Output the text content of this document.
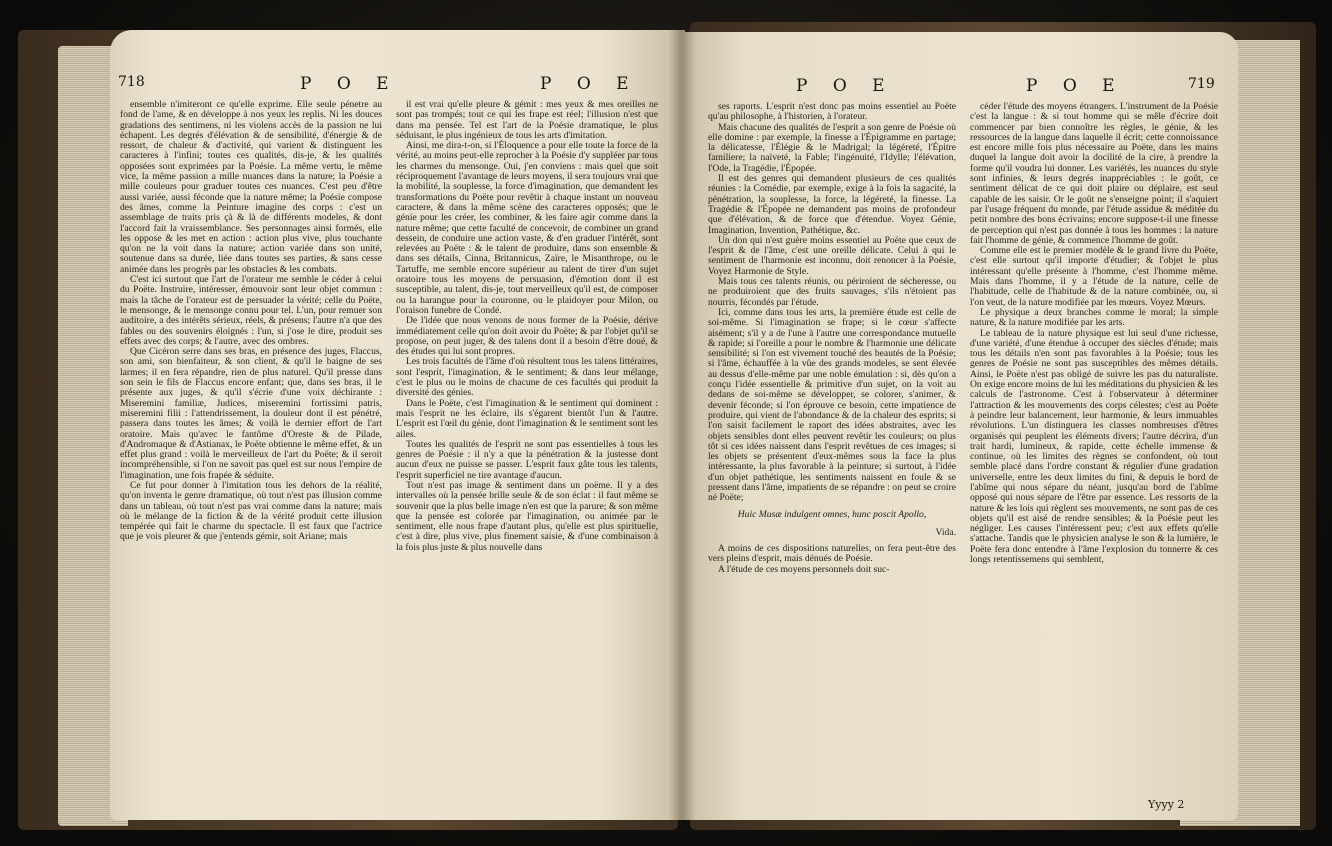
718	P O E	P O E

ensemble n'imiteront ce qu'elle exprime. Elle seule pénetre au fond de l'ame, & en développe à nos yeux les replis. Ni les douces gradations des sentimens, ni les violens accès de la passion ne lui échapent. Les degrés d'élévation & de sensibilité, d'énergie & de ressort, de chaleur & d'activité, qui varient & distinguent les caracteres à l'infini; toutes ces qualités, dis-je, & les qualités opposées sont exprimées par la Poésie. La même vertu, le même vice, la même passion a mille nuances dans la nature; la Poésie a mille couleurs pour graduer toutes ces nuances. C'est peu d'être aussi variée, aussi féconde que la nature même; la Poésie compose des âmes, comme la Peinture imagine des corps : c'est un assemblage de traits pris çà & là de différents modeles, & dont l'accord fait la vraissemblance. Ses personnages ainsi formés, elle les oppose & les met en action : action plus vive, plus touchante qu'on ne la voit dans la nature; action variée dans son unité, soutenue dans sa durée, liée dans toutes ses parties, & sans cesse animée dans les progrès par les obstacles & les combats.

C'est ici surtout que l'art de l'orateur me semble le céder à celui du Poëte. Instruire, intéresser, émouvoir sont leur objet commun : mais la tâche de l'orateur est de persuader la vérité; celle du Poëte, le mensonge, & le mensonge connu pour tel. L'un, pour remuer son auditoire, a des intérêts sérieux, réels, & présens; l'autre n'a que des fables ou des souvenirs éloignés : l'un, si j'ose le dire, produit ses effets avec des corps; & l'autre, avec des ombres.

Que Cicéron serre dans ses bras, en présence des juges, Flaccus, son ami, son bienfaiteur, & son client, & qu'il le baigne de ses larmes; il en fera répandre, rien de plus naturel. Qu'il presse dans son sein le fils de Flaccus encore enfant; que, dans ses bras, il le présente aux juges, & qu'il s'écrie d'une voix déchirante : Miseremini familiæ, Judices, miseremini fortissimi patris, miseremini filii : l'attendrissement, la douleur dont il est pénétré, passera dans toutes les âmes; & voilà le dernier effort de l'art oratoire. Mais qu'avec le fantôme d'Oreste & de Pilade, d'Andromaque & d'Astianax, le Poëte obtienne le même effet, & un effet plus grand : voilà le merveilleux de l'art du Poëte; & il seroit incompréhensible, si l'on ne savoit pas quel est sur nous l'empire de l'imagination, une fois frapée & séduite.

Ce fut pour donner à l'imitation tous les dehors de la réalité, qu'on inventa le genre dramatique, où tout n'est pas illusion comme dans un tableau, où tout n'est pas vrai comme dans la nature; mais où le mélange de la fiction & de la vérité produit cette illusion tempérée qui fait le charme du spectacle. Il est faux que l'actrice que je vois pleurer & que j'entends gémir, soit Ariane; mais

il est vrai qu'elle pleure & gémit : mes yeux & mes oreilles ne sont pas trompés; tout ce qui les frape est réel; l'illusion n'est que dans ma pensée. Tel est l'art de la Poésie dramatique, le plus séduisant, le plus ingénieux de tous les arts d'imitation.

Ainsi, me dira-t-on, si l'Éloquence a pour elle toute la force de la vérité, au moins peut-elle reprocher à la Poésie d'y suppléer par tous les charmes du mensonge. Oui, j'en conviens : mais quel que soit réciproquement l'avantage de leurs moyens, il sera toujours vrai que la mobilité, la souplesse, la force d'imagination, que demandent les transformations du Poëte pour revêtir à chaque instant un nouveau caractere, & dans la même scène des caracteres opposés; que le génie pour les créer, les combiner, & les faire agir comme dans la nature même; que cette faculté de concevoir, de combiner un grand dessein, de conduire une action vaste, & d'en graduer l'intérêt, sont relevées au Poëte : & le talent de produire, dans son ensemble & dans ses détails, Cinna, Britannicus, Zaïre, le Misanthrope, ou le Tartuffe, me semble encore supérieur au talent de tirer d'un sujet oratoire tous les moyens de persuasion, d'émotion dont il est susceptible, au talent, dis-je, tout merveilleux qu'il est, de composer ou la harangue pour la couronne, ou le plaidoyer pour Milon, ou l'oraison funebre de Condé.

De l'idée que nous venons de nous former de la Poésie, dérive immédiatement celle qu'on doit avoir du Poëte; & par l'objet qu'il se propose, on peut juger, & des talens dont il a besoin d'être doué, & des études qui lui sont propres.

Les trois facultés de l'âme d'où résultent tous les talens littéraires, sont l'esprit, l'imagination, & le sentiment; & dans leur mélange, c'est le plus ou le moins de chacune de ces facultés qui produit la diversité des génies.

Dans le Poëte, c'est l'imagination & le sentiment qui dominent : mais l'esprit ne les éclaire, ils s'égarent bientôt l'un & l'autre. L'esprit est l'œil du génie, dont l'imagination & le sentiment sont les ailes.

Toutes les qualités de l'esprit ne sont pas essentielles à tous les genres de Poésie : il n'y a que la pénétration & la justesse dont aucun d'eux ne puisse se passer. L'esprit faux gâte tous les talents, l'esprit superficiel ne tire avantage d'aucun.

Tout n'est pas image & sentiment dans un poëme. Il y a des intervalles où la pensée brille seule & de son éclat : il faut même se souvenir que la plus belle image n'en est que la parure; & son même que la pensée est colorée par l'imagination, ou animée par le sentiment, elle nous frape d'autant plus, qu'elle est plus spirituelle, c'est à dire, plus vive, plus finement saisie, & d'une combinaison à la fois plus juste & plus nouvelle dans

P O E	P O E	719

ses raports. L'esprit n'est donc pas moins essentiel au Poëte qu'au philosophe, à l'historien, à l'orateur.

Mais chacune des qualités de l'esprit a son genre de Poésie où elle domine : par exemple, la finesse a l'Épigramme en partage; la délicatesse, l'Élégie & le Madrigal; la légéreté, l'Épitre familiere; la naïveté, la Fable; l'ingénuité, l'Idylle; l'élévation, l'Ode, la Tragédie, l'Épopée.

Il est des genres qui demandent plusieurs de ces qualités réunies : la Comédie, par exemple, exige à la fois la sagacité, la pénétration, la souplesse, la force, la légéreté, la finesse. La Tragédie & l'Épopée ne demandent pas moins de profondeur que d'élévation, & de force que d'étendue. Voyez Génie, Imagination, Invention, Pathétique, &c.

Un don qui n'est guère moins essentiel au Poëte que ceux de l'esprit & de l'âme, c'est une oreille délicate. Celui à qui le sentiment de l'harmonie est inconnu, doit renoncer à la Poésie, Voyez Harmonie de Style.

Mais tous ces talents réunis, ou périroient de sécheresse, ou ne produiroient que des fruits sauvages, s'ils n'étoient pas nourris, fécondés par l'étude.

Ici, comme dans tous les arts, la première étude est celle de soi-même. Si l'imagination se frape; si le cœur s'affecte aisément; s'il y a de l'une à l'autre une correspondance mutuelle & rapide; si l'oreille a pour le nombre & l'harmonie une délicate sensibilité; si l'on est vivement touché des beautés de la Poésie; si l'âme, échauffée à la vûe des grands modeles, se sent élevée au dessus d'elle-même par une noble émulation : si, dès qu'on a conçu l'idée essentielle & primitive d'un sujet, on la voit au dedans de soi-même se développer, se colorer, s'animer, & devenir féconde; si l'on éprouve ce besoin, cette impatience de produire, qui vient de l'abondance & de la chaleur des esprits; si l'on saisit facilement le raport des idées abstraites, avec les objets sensibles dont elles peuvent revêtir les couleurs; ou plus tôt si ces idées naissent dans l'esprit revêtues de ces images; si les objets se présentent d'eux-mêmes sous la face la plus intéressante, la plus favorable à la peinture; si surtout, à l'idée d'un objet pathétique, les sentiments naissent en foule & se pressent dans l'âme, impatients de se répandre : on peut se croire né Poëte;

Huic Musæ indulgent omnes, hunc poscit Apollo,

Vida.

A moins de ces dispositions naturelles, on fera peut-être des vers pleins d'esprit, mais dénués de Poésie.

A l'étude de ces moyens personnels doit suc-

céder l'étude des moyens étrangers. L'instrument de la Poésie c'est la langue : & si tout homme qui se mêle d'écrire doit commencer par bien connoître les règles, le génie, & les ressources de la langue dans laquelle il écrit; cette connoissance est encore mille fois plus nécessaire au Poëte, dans les mains duquel la langue doit avoir la docilité de la cire, à prendre la forme qu'il voudra lui donner. Les variétés, les nuances du style sont infinies, & leurs degrés inappréciables : le goût, ce sentiment délicat de ce qui doit plaire ou déplaire, est seul capable de les saisir. Or le goût ne s'enseigne point; il s'aquiert par l'usage fréquent du monde, par l'étude assidue & méditée du petit nombre des bons écrivains; encore suppose-t-il une finesse de perception qui n'est pas donnée à tous les hommes : la nature fait l'homme de génie, & commence l'homme de goût.

Comme elle est le premier modèle & le grand livre du Poëte, c'est elle surtout qu'il importe d'étudier; & l'objet le plus intéressant qu'elle présente à l'homme, c'est l'homme même. Mais dans l'homme, il y a l'étude de la nature, celle de l'habitude, celle de l'habitude & de la nature combinée, ou, si l'on veut, de la nature modifiée par les mœurs. Voyez Mœurs.

Le physique a deux branches comme le moral; la simple nature, & la nature modifiée par les arts.

Le tableau de la nature physique est lui seul d'une richesse, d'une variété, d'une étendue à occuper des siècles d'étude; mais tous les détails n'en sont pas favorables à la Poésie; tous les genres de Poésie ne sont pas susceptibles des mêmes détails. Ainsi, le Poëte n'est pas obligé de suivre les pas du naturaliste. On exige encore moins de lui les méditations du physicien & les calculs de l'astronome. C'est à l'observateur à déterminer l'attraction & les mouvements des corps célestes; c'est au Poëte à peindre leur balancement, leur harmonie, & leurs immuables révolutions. L'un distinguera les classes nombreuses d'êtres organisés qui peuplent les éléments divers; l'autre décrira, d'un trait hardi, lumineux, & rapide, cette échelle immense & continue, où les limites des règnes se confondent, où tout semble placé dans l'ordre constant & régulier d'une gradation universelle, entre les deux limites du fini, & depuis le bord de l'abîme qui nous sépare du néant, jusqu'au bord de l'abîme opposé qui nous sépare de l'être par essence. Les ressorts de la nature & les lois qui règlent ses mouvements, ne sont pas de ces objets qu'il est aisé de rendre sensibles; & la Poésie peut les négliger. Les causes l'intéressent peu; c'est aux effets qu'elle s'attache. Tandis que le physicien analyse le son & la lumière, le Poëte fera donc entendre à l'âme l'explosion du tonnerre & ces longs retentissemens qui semblent,

Yyyy 2
